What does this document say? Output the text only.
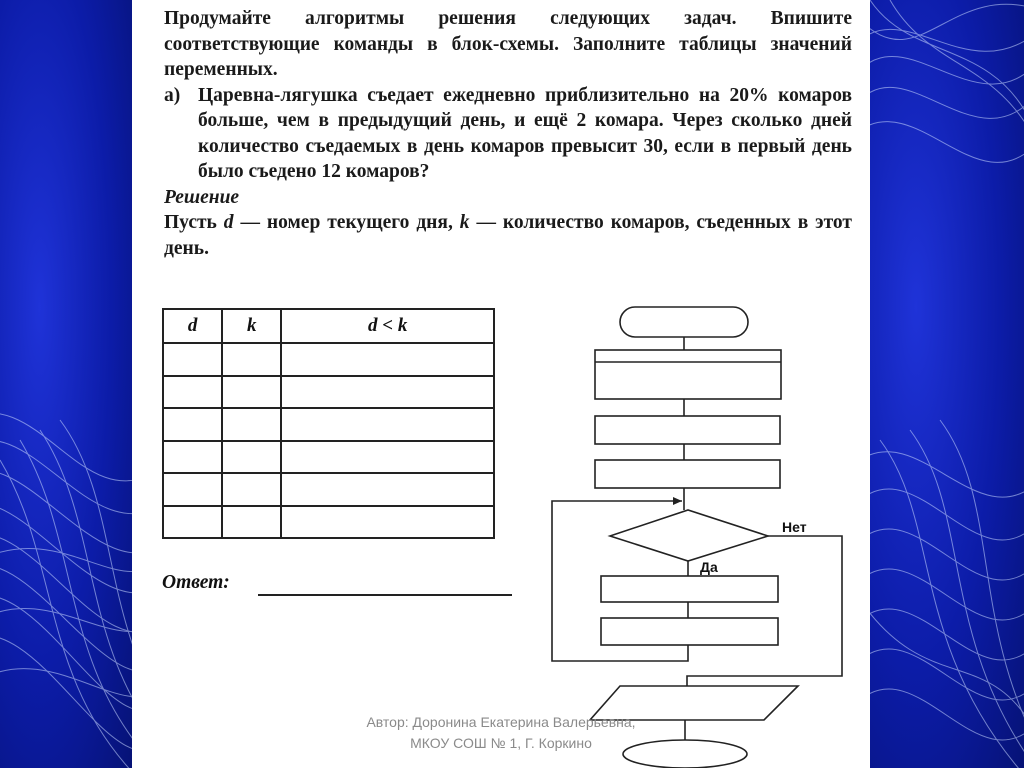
Продумайте алгоритмы решения следующих задач. Впишите соответствующие команды в блок-схемы. Заполните таблицы значений переменных.

а) Царевна-лягушка съедает ежедневно приблизительно на 20% комаров больше, чем в предыдущий день, и ещё 2 комара. Через сколько дней количество съедаемых в день комаров превысит 30, если в первый день было съедено 12 комаров?

Решение

Пусть d — номер текущего дня, k — количество комаров, съеденных в этот день.

d	k	d < k

Ответ:
Нет
Да
Автор: Доронина Екатерина Валерьевна,
МКОУ СОШ № 1, Г. Коркино
